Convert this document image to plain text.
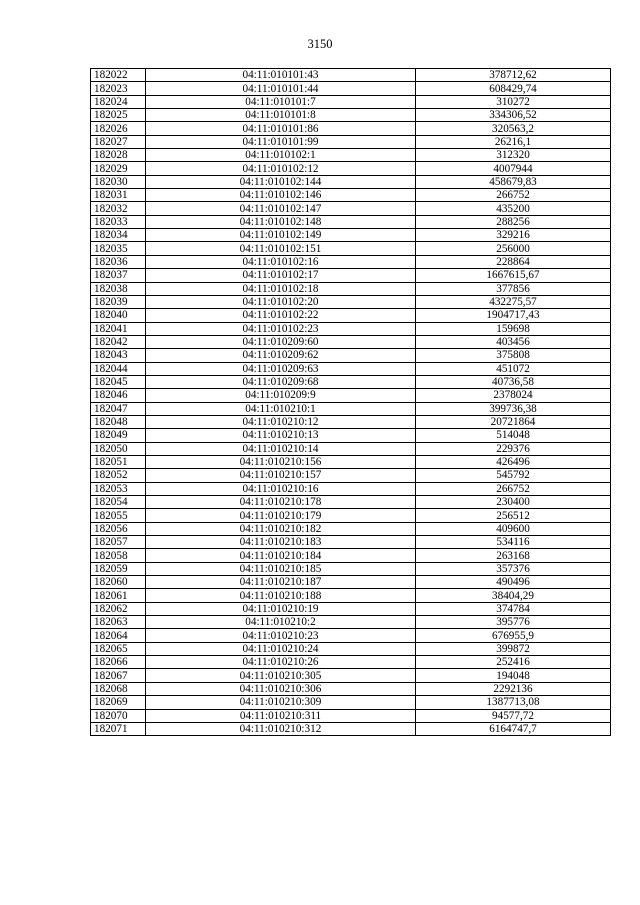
3150
182022	04:11:010101:43	378712,62
182023	04:11:010101:44	608429,74
182024	04:11:010101:7	310272
182025	04:11:010101:8	334306,52
182026	04:11:010101:86	320563,2
182027	04:11:010101:99	26216,1
182028	04:11:010102:1	312320
182029	04:11:010102:12	4007944
182030	04:11:010102:144	458679,83
182031	04:11:010102:146	266752
182032	04:11:010102:147	435200
182033	04:11:010102:148	288256
182034	04:11:010102:149	329216
182035	04:11:010102:151	256000
182036	04:11:010102:16	228864
182037	04:11:010102:17	1667615,67
182038	04:11:010102:18	377856
182039	04:11:010102:20	432275,57
182040	04:11:010102:22	1904717,43
182041	04:11:010102:23	159698
182042	04:11:010209:60	403456
182043	04:11:010209:62	375808
182044	04:11:010209:63	451072
182045	04:11:010209:68	40736,58
182046	04:11:010209:9	2378024
182047	04:11:010210:1	399736,38
182048	04:11:010210:12	20721864
182049	04:11:010210:13	514048
182050	04:11:010210:14	229376
182051	04:11:010210:156	426496
182052	04:11:010210:157	545792
182053	04:11:010210:16	266752
182054	04:11:010210:178	230400
182055	04:11:010210:179	256512
182056	04:11:010210:182	409600
182057	04:11:010210:183	534116
182058	04:11:010210:184	263168
182059	04:11:010210:185	357376
182060	04:11:010210:187	490496
182061	04:11:010210:188	38404,29
182062	04:11:010210:19	374784
182063	04:11:010210:2	395776
182064	04:11:010210:23	676955,9
182065	04:11:010210:24	399872
182066	04:11:010210:26	252416
182067	04:11:010210:305	194048
182068	04:11:010210:306	2292136
182069	04:11:010210:309	1387713,08
182070	04:11:010210:311	94577,72
182071	04:11:010210:312	6164747,7
